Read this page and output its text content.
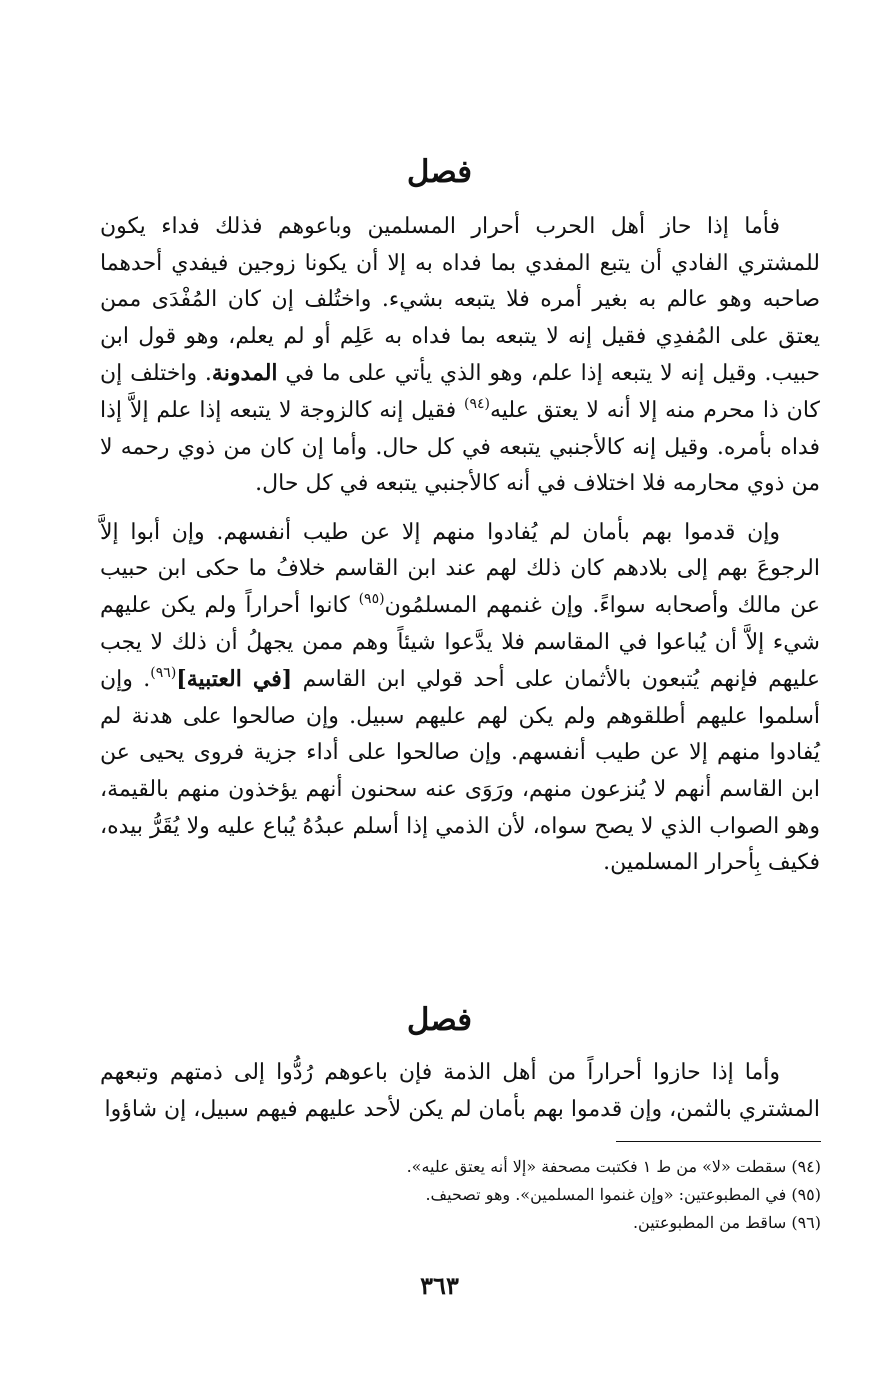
فصل

فأما إذا حاز أهل الحرب أحرار المسلمين وباعوهم فذلك فداء يكون للمشتري الفادي أن يتبع المفدي بما فداه به إلا أن يكونا زوجين فيفدي أحدهما صاحبه وهو عالم به بغير أمره فلا يتبعه بشيء. واختُلف إن كان المُفْدَى ممن يعتق على المُفدِي فقيل إنه لا يتبعه بما فداه به عَلِم أو لم يعلم، وهو قول ابن حبيب. وقيل إنه لا يتبعه إذا علم، وهو الذي يأتي على ما في المدونة. واختلف إن كان ذا محرم منه إلا أنه لا يعتق عليه$^{(٩٤)}$ فقيل إنه كالزوجة لا يتبعه إذا علم إلاَّ إذا فداه بأمره. وقيل إنه كالأجنبي يتبعه في كل حال. وأما إن كان من ذوي رحمه لا من ذوي محارمه فلا اختلاف في أنه كالأجنبي يتبعه في كل حال.

وإن قدموا بهم بأمان لم يُفادوا منهم إلا عن طيب أنفسهم. وإن أبوا إلاَّ الرجوعَ بهم إلى بلادهم كان ذلك لهم عند ابن القاسم خلافُ ما حكى ابن حبيب عن مالك وأصحابه سواءً. وإن غنمهم المسلمُون$^{(٩٥)}$ كانوا أحراراً ولم يكن عليهم شيء إلاَّ أن يُباعوا في المقاسم فلا يدَّعوا شيئاً وهم ممن يجهلُ أن ذلك لا يجب عليهم فإنهم يُتبعون بالأثمان على أحد قولي ابن القاسم [في العتبية]$^{(٩٦)}$. وإن أسلموا عليهم أطلقوهم ولم يكن لهم عليهم سبيل. وإن صالحوا على هدنة لم يُفادوا منهم إلا عن طيب أنفسهم. وإن صالحوا على أداء جزية فروى يحيى عن ابن القاسم أنهم لا يُنزعون منهم، ورَوَى عنه سحنون أنهم يؤخذون منهم بالقيمة، وهو الصواب الذي لا يصح سواه، لأن الذمي إذا أسلم عبدُهُ يُباع عليه ولا يُقَرُّ بيده، فكيف بِأحرار المسلمين.

فصل

وأما إذا حازوا أحراراً من أهل الذمة فإن باعوهم رُدُّوا إلى ذمتهم وتبعهم المشتري بالثمن، وإن قدموا بهم بأمان لم يكن لأحد عليهم فيهم سبيل، إن شاؤوا

(٩٤) سقطت «لا» من ط ١ فكتبت مصحفة «إلا أنه يعتق عليه».
(٩٥) في المطبوعتين: «وإن غنموا المسلمين». وهو تصحيف.
(٩٦) ساقط من المطبوعتين.
٣٦٣
